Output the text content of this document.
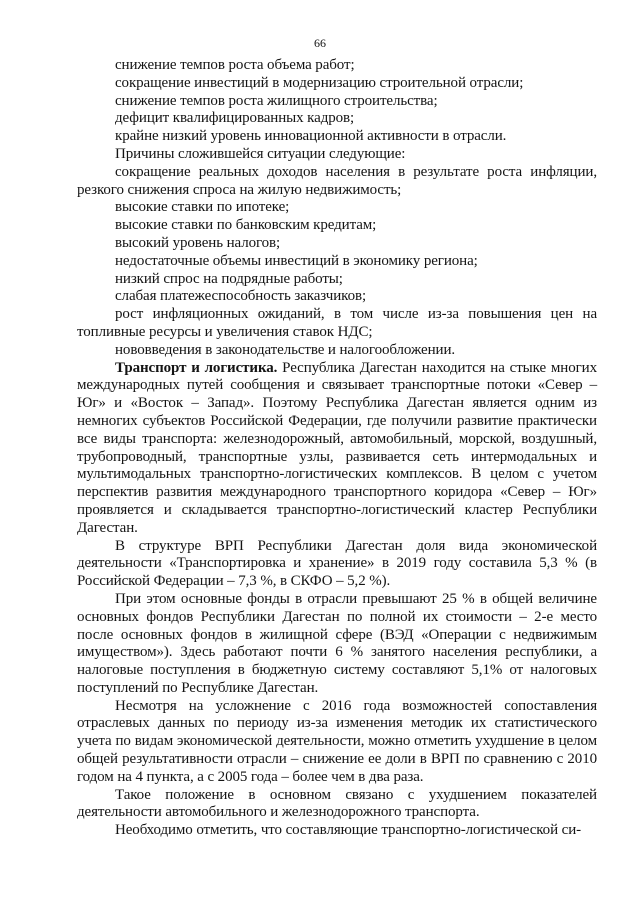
66

снижение темпов роста объема работ;

сокращение инвестиций в модернизацию строительной отрасли;

снижение темпов роста жилищного строительства;

дефицит квалифицированных кадров;

крайне низкий уровень инновационной активности в отрасли.

Причины сложившейся ситуации следующие:

сокращение реальных доходов населения в результате роста инфляции, резкого снижения спроса на жилую недвижимость;

высокие ставки по ипотеке;

высокие ставки по банковским кредитам;

высокий уровень налогов;

недостаточные объемы инвестиций в экономику региона;

низкий спрос на подрядные работы;

слабая платежеспособность заказчиков;

рост инфляционных ожиданий, в том числе из-за повышения цен на топливные ресурсы и увеличения ставок НДС;

нововведения в законодательстве и налогообложении.

Транспорт и логистика. Республика Дагестан находится на стыке многих международных путей сообщения и связывает транспортные потоки «Север – Юг» и «Восток – Запад». Поэтому Республика Дагестан является одним из немногих субъектов Российской Федерации, где получили развитие практически все виды транспорта: железнодорожный, автомобильный, морской, воздушный, трубопроводный, транспортные узлы, развивается сеть интермодальных и мультимодальных транспортно-логистических комплексов. В целом с учетом перспектив развития международного транспортного коридора «Север – Юг» проявляется и складывается транспортно-логистический кластер Республики Дагестан.

В структуре ВРП Республики Дагестан доля вида экономической деятельности «Транспортировка и хранение» в 2019 году составила 5,3 % (в Российской Федерации – 7,3 %, в СКФО – 5,2 %).

При этом основные фонды в отрасли превышают 25 % в общей величине основных фондов Республики Дагестан по полной их стоимости – 2-е место после основных фондов в жилищной сфере (ВЭД «Операции с недвижимым имуществом»). Здесь работают почти 6 % занятого населения республики, а налоговые поступления в бюджетную систему составляют 5,1% от налоговых поступлений по Республике Дагестан.

Несмотря на усложнение с 2016 года возможностей сопоставления отраслевых данных по периоду из-за изменения методик их статистического учета по видам экономической деятельности, можно отметить ухудшение в целом общей результативности отрасли – снижение ее доли в ВРП по сравнению с 2010 годом на 4 пункта, а с 2005 года – более чем в два раза.

Такое положение в основном связано с ухудшением показателей деятельности автомобильного и железнодорожного транспорта.

Необходимо отметить, что составляющие транспортно-логистической си-
